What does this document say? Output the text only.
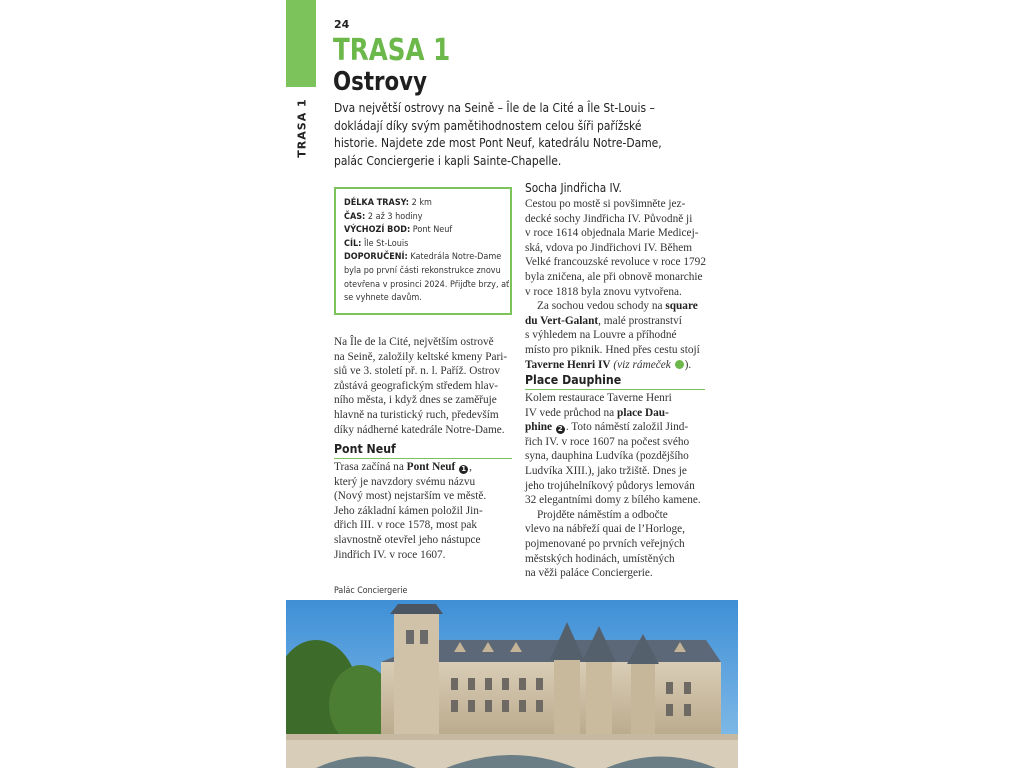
TRASA 1
24
TRASA 1
Ostrovy
Dva největší ostrovy na Seině – Île de la Cité a Île St-Louis –
dokládají díky svým pamětihodnostem celou šíři pařížské
historie. Najdete zde most Pont Neuf, katedrálu Notre-Dame,
palác Conciergerie i kapli Sainte-Chapelle.
DÉLKA TRASY: 2 km
ČAS: 2 až 3 hodiny
VÝCHOZÍ BOD: Pont Neuf
CÍL: Île St-Louis
DOPORUČENÍ: Katedrála Notre-Dame
byla po první části rekonstrukce znovu
otevřena v prosinci 2024. Přijďte brzy, ať
se vyhnete davům.
Na Île de la Cité, největším ostrově
na Seině, založily keltské kmeny Pari-
siů ve 3. století př. n. l. Paříž. Ostrov
zůstává geografickým středem hlav-
ního města, i když dnes se zaměřuje
hlavně na turistický ruch, především
díky nádherné katedrále Notre-Dame.
Pont Neuf
Trasa začíná na Pont Neuf 1 ,
který je navzdory svému názvu
(Nový most) nejstarším ve městě.
Jeho základní kámen položil Jin-
dřich III. v roce 1578, most pak
slavnostně otevřel jeho nástupce
Jindřich IV. v roce 1607.
Socha Jindřicha IV.
Cestou po mostě si povšimněte jez-
decké sochy Jindřicha IV. Původně ji
v roce 1614 objednala Marie Medicej-
ská, vdova po Jindřichovi IV. Během
Velké francouzské revoluce v roce 1792
byla zničena, ale při obnově monarchie
v roce 1818 byla znovu vytvořena.
Za sochou vedou schody na square
du Vert-Galant, malé prostranství
s výhledem na Louvre a příhodné
místo pro piknik. Hned přes cestu stojí
Taverne Henri IV (viz rámeček ).
Place Dauphine
Kolem restaurace Taverne Henri
IV vede průchod na place Dau-
phine 2 . Toto náměstí založil Jind-
řich IV. v roce 1607 na počest svého
syna, dauphina Ludvíka (pozdějšího
Ludvíka XIII.), jako tržiště. Dnes je
jeho trojúhelníkový půdorys lemován
32 elegantními domy z bílého kamene.
Projděte náměstím a odbočte
vlevo na nábřeží quai de l’Horloge,
pojmenované po prvních veřejných
městských hodinách, umístěných
na věži paláce Conciergerie.
Palác Conciergerie
